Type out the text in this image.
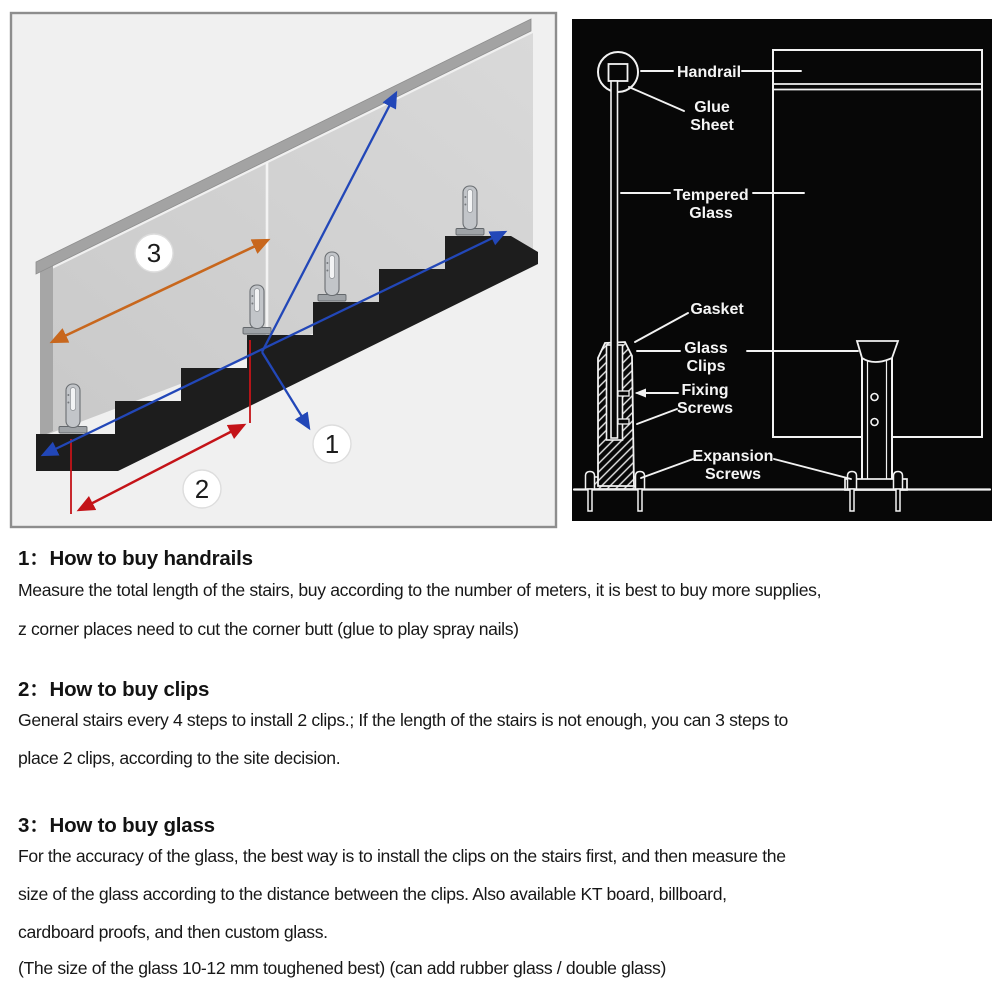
3
2
1
Handrail
Glue
Sheet
Tempered
Glass
Gasket
Glass
Clips
Fixing
Screws
Expansion
Screws
1：How to buy handrails
Measure the total length of the stairs, buy according to the number of meters, it is best to buy more supplies,
z corner places need to cut the corner butt (glue to play spray nails)
2：How to buy clips
General stairs every 4 steps to install 2 clips.; If the length of the stairs is not enough, you can 3 steps to
place 2 clips, according to the site decision.
3：How to buy glass
For the accuracy of the glass, the best way is to install the clips on the stairs first, and then measure the
size of the glass according to the distance between the clips. Also available KT board, billboard,
cardboard proofs, and then custom glass.
(The size of the glass 10-12 mm toughened best) (can add rubber glass / double glass)
